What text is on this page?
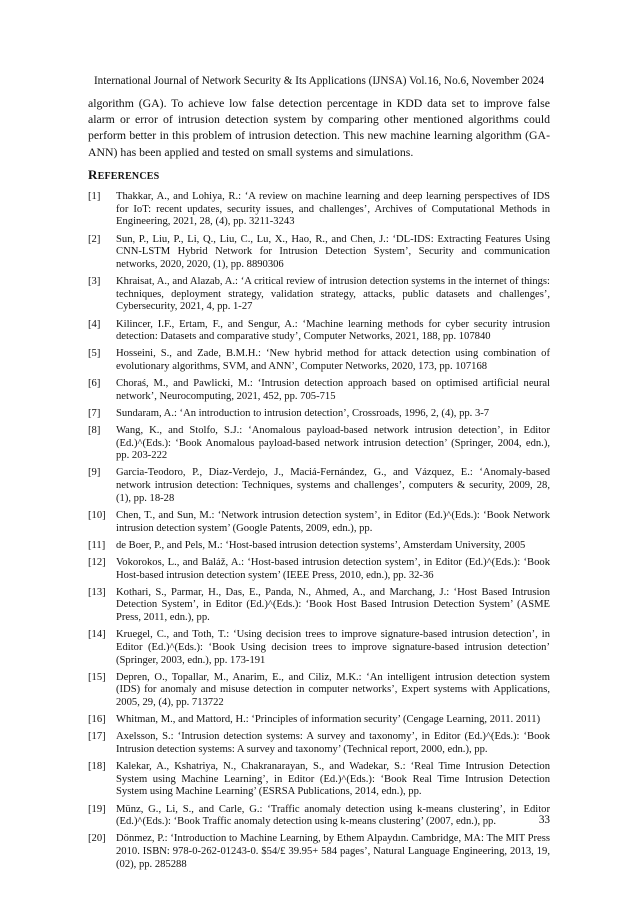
International Journal of Network Security & Its Applications (IJNSA) Vol.16, No.6, November 2024

algorithm (GA). To achieve low false detection percentage in KDD data set to improve false alarm or error of intrusion detection system by comparing other mentioned algorithms could perform better in this problem of intrusion detection. This new machine learning algorithm (GA-ANN) has been applied and tested on small systems and simulations.

REFERENCES
[1]	Thakkar, A., and Lohiya, R.: ‘A review on machine learning and deep learning perspectives of IDS for IoT: recent updates, security issues, and challenges’, Archives of Computational Methods in Engineering, 2021, 28, (4), pp. 3211-3243
[2]	Sun, P., Liu, P., Li, Q., Liu, C., Lu, X., Hao, R., and Chen, J.: ‘DL-IDS: Extracting Features Using CNN-LSTM Hybrid Network for Intrusion Detection System’, Security and communication networks, 2020, 2020, (1), pp. 8890306
[3]	Khraisat, A., and Alazab, A.: ‘A critical review of intrusion detection systems in the internet of things: techniques, deployment strategy, validation strategy, attacks, public datasets and challenges’, Cybersecurity, 2021, 4, pp. 1-27
[4]	Kilincer, I.F., Ertam, F., and Sengur, A.: ‘Machine learning methods for cyber security intrusion detection: Datasets and comparative study’, Computer Networks, 2021, 188, pp. 107840
[5]	Hosseini, S., and Zade, B.M.H.: ‘New hybrid method for attack detection using combination of evolutionary algorithms, SVM, and ANN’, Computer Networks, 2020, 173, pp. 107168
[6]	Choraś, M., and Pawlicki, M.: ‘Intrusion detection approach based on optimised artificial neural network’, Neurocomputing, 2021, 452, pp. 705-715
[7]	Sundaram, A.: ‘An introduction to intrusion detection’, Crossroads, 1996, 2, (4), pp. 3-7
[8]	Wang, K., and Stolfo, S.J.: ‘Anomalous payload-based network intrusion detection’, in Editor (Ed.)^(Eds.): ‘Book Anomalous payload-based network intrusion detection’ (Springer, 2004, edn.), pp. 203-222
[9]	Garcia-Teodoro, P., Diaz-Verdejo, J., Maciá-Fernández, G., and Vázquez, E.: ‘Anomaly-based network intrusion detection: Techniques, systems and challenges’, computers & security, 2009, 28, (1), pp. 18-28
[10] Chen, T., and Sun, M.: ‘Network intrusion detection system’, in Editor (Ed.)^(Eds.): ‘Book Network intrusion detection system’ (Google Patents, 2009, edn.), pp.
[11]	de Boer, P., and Pels, M.: ‘Host-based intrusion detection systems’, Amsterdam University, 2005
[12] Vokorokos, L., and Baláž, A.: ‘Host-based intrusion detection system’, in Editor (Ed.)^(Eds.): ‘Book Host-based intrusion detection system’ (IEEE Press, 2010, edn.), pp. 32-36
[13] Kothari, S., Parmar, H., Das, E., Panda, N., Ahmed, A., and Marchang, J.: ‘Host Based Intrusion Detection System’, in Editor (Ed.)^(Eds.): ‘Book Host Based Intrusion Detection System’ (ASME Press, 2011, edn.), pp.
[14] Kruegel, C., and Toth, T.: ‘Using decision trees to improve signature-based intrusion detection’, in Editor (Ed.)^(Eds.): ‘Book Using decision trees to improve signature-based intrusion detection’ (Springer, 2003, edn.), pp. 173-191
[15] Depren, O., Topallar, M., Anarim, E., and Ciliz, M.K.: ‘An intelligent intrusion detection system (IDS) for anomaly and misuse detection in computer networks’, Expert systems with Applications, 2005, 29, (4), pp. 713722
[16] Whitman, M., and Mattord, H.: ‘Principles of information security’ (Cengage Learning, 2011. 2011)
[17] Axelsson, S.: ‘Intrusion detection systems: A survey and taxonomy’, in Editor (Ed.)^(Eds.): ‘Book Intrusion detection systems: A survey and taxonomy’ (Technical report, 2000, edn.), pp.
[18] Kalekar, A., Kshatriya, N., Chakranarayan, S., and Wadekar, S.: ‘Real Time Intrusion Detection System using Machine Learning’, in Editor (Ed.)^(Eds.): ‘Book Real Time Intrusion Detection System using Machine Learning’ (ESRSA Publications, 2014, edn.), pp.
[19] Münz, G., Li, S., and Carle, G.: ‘Traffic anomaly detection using k-means clustering’, in Editor (Ed.)^(Eds.): ‘Book Traffic anomaly detection using k-means clustering’ (2007, edn.), pp.
[20] Dönmez, P.: ‘Introduction to Machine Learning, by Ethem Alpaydın. Cambridge, MA: The MIT Press 2010. ISBN: 978-0-262-01243-0. $54/£ 39.95+ 584 pages’, Natural Language Engineering, 2013, 19, (02), pp. 285288
33
